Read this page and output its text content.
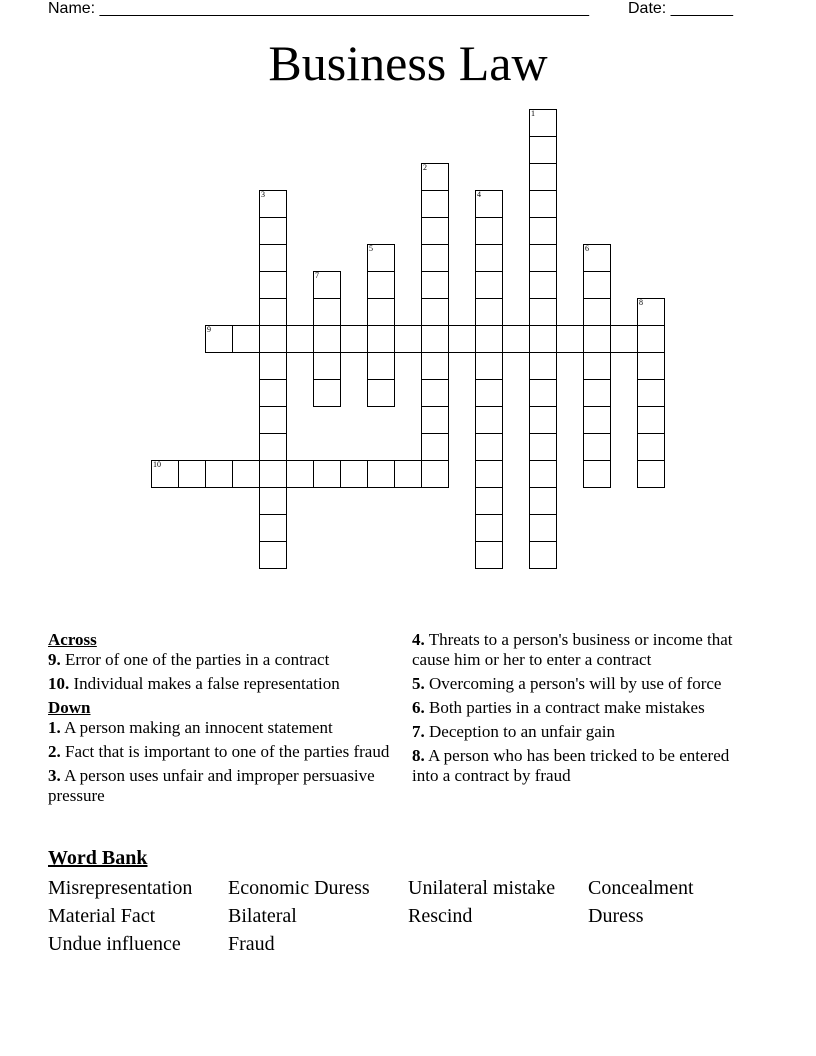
Name: _______________________________________________________ Date: _______
Business Law
1
2
3	4
5	6
7
8
9
10
Across
9. Error of one of the parties in a contract
10. Individual makes a false representation
Down
1. A person making an innocent statement
2. Fact that is important to one of the parties fraud
3. A person uses unfair and improper persuasive pressure
4. Threats to a person's business or income that cause him or her to enter a contract
5. Overcoming a person's will by use of force
6. Both parties in a contract make mistakes
7. Deception to an unfair gain
8. A person who has been tricked to be entered into a contract by fraud
Word Bank
Misrepresentation	Economic Duress	Unilateral mistake	Concealment
Material Fact	Bilateral	Rescind	Duress
Undue influence	Fraud
